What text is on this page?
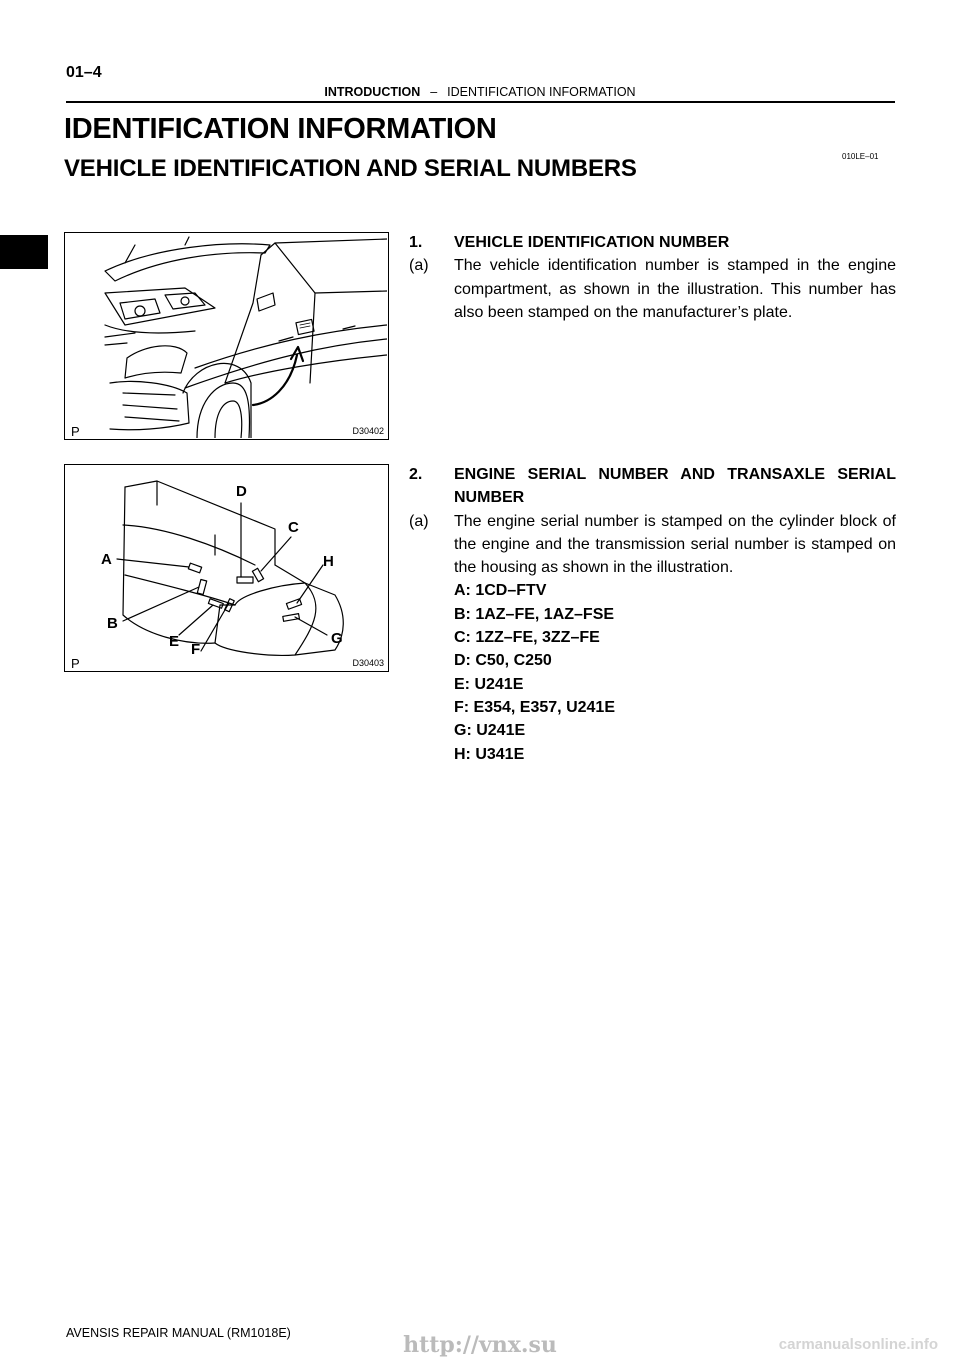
01–4
INTRODUCTION – IDENTIFICATION INFORMATION
IDENTIFICATION INFORMATION
VEHICLE IDENTIFICATION AND SERIAL NUMBERS	010LE–01
P	D30402
D
C
A	H
B
E	G
F
P	D30403
1. VEHICLE IDENTIFICATION NUMBER
(a) The vehicle identification number is stamped in the engine compartment, as shown in the illustration. This number has also been stamped on the manufacturer’s plate.
2. ENGINE SERIAL NUMBER AND TRANSAXLE SERIAL NUMBER
(a) The engine serial number is stamped on the cylinder block of the engine and the transmission serial number is stamped on the housing as shown in the illustration.
A: 1CD–FTV
B: 1AZ–FE, 1AZ–FSE
C: 1ZZ–FE, 3ZZ–FE
D: C50, C250
E: U241E
F: E354, E357, U241E
G: U241E
H: U341E
AVENSIS REPAIR MANUAL (RM1018E)	http://vnx.su	carmanualsonline.info
